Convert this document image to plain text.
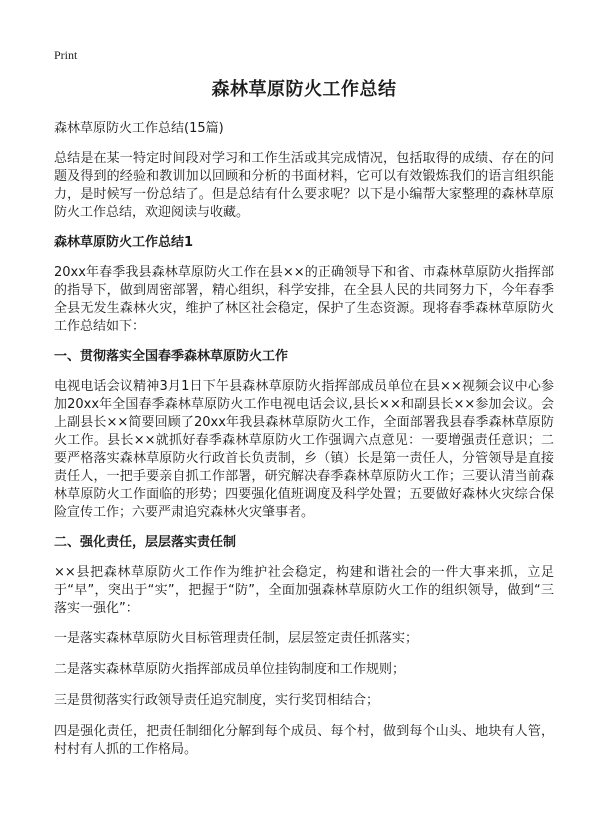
Print
森林草原防火工作总结
森林草原防火工作总结(15篇)

总结是在某一特定时间段对学习和工作生活或其完成情况，包括取得的成绩、存在的问题及得到的经验和教训加以回顾和分析的书面材料，它可以有效锻炼我们的语言组织能力，是时候写一份总结了。但是总结有什么要求呢？以下是小编帮大家整理的森林草原防火工作总结，欢迎阅读与收藏。

森林草原防火工作总结1

20xx年春季我县森林草原防火工作在县××的正确领导下和省、市森林草原防火指挥部的指导下，做到周密部署，精心组织，科学安排，在全县人民的共同努力下，今年春季全县无发生森林火灾，维护了林区社会稳定，保护了生态资源。现将春季森林草原防火工作总结如下：

一、贯彻落实全国春季森林草原防火工作

电视电话会议精神3月1日下午县森林草原防火指挥部成员单位在县××视频会议中心参加20xx年全国春季森林草原防火工作电视电话会议,县长××和副县长××参加会议。会上副县长××简要回顾了20xx年我县森林草原防火工作，全面部署我县春季森林草原防火工作。县长××就抓好春季森林草原防火工作强调六点意见：一要增强责任意识；二要严格落实森林草原防火行政首长负责制，乡（镇）长是第一责任人，分管领导是直接责任人，一把手要亲自抓工作部署，研究解决春季森林草原防火工作；三要认清当前森林草原防火工作面临的形势；四要强化值班调度及科学处置；五要做好森林火灾综合保险宣传工作；六要严肃追究森林火灾肇事者。

二、强化责任，层层落实责任制

××县把森林草原防火工作作为维护社会稳定，构建和谐社会的一件大事来抓，立足于“早”，突出于“实”，把握于“防”，全面加强森林草原防火工作的组织领导，做到“三落实一强化”：

一是落实森林草原防火目标管理责任制，层层签定责任抓落实；

二是落实森林草原防火指挥部成员单位挂钩制度和工作规则；

三是贯彻落实行政领导责任追究制度，实行奖罚相结合；

四是强化责任，把责任制细化分解到每个成员、每个村，做到每个山头、地块有人管，村村有人抓的工作格局。
